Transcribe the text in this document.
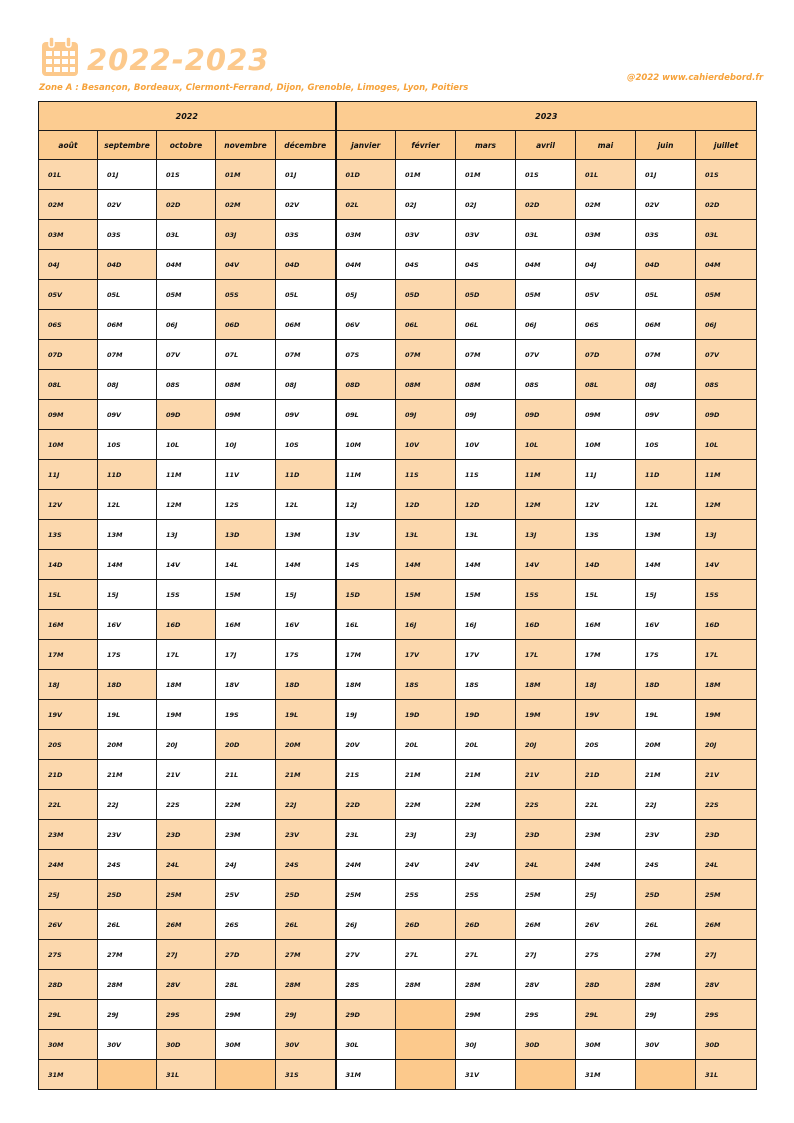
2022-2023
Zone A : Besançon, Bordeaux, Clermont-Ferrand, Dijon, Grenoble, Limoges, Lyon, Poitiers
@2022 www.cahierdebord.fr
2022					2023						
août	septembre	octobre	novembre	décembre	janvier	février	mars	avril	mai	juin	juillet
01L	01J	01S	01M	01J	01D	01M	01M	01S	01L	01J	01S
02M	02V	02D	02M	02V	02L	02J	02J	02D	02M	02V	02D
03M	03S	03L	03J	03S	03M	03V	03V	03L	03M	03S	03L
04J	04D	04M	04V	04D	04M	04S	04S	04M	04J	04D	04M
05V	05L	05M	05S	05L	05J	05D	05D	05M	05V	05L	05M
06S	06M	06J	06D	06M	06V	06L	06L	06J	06S	06M	06J
07D	07M	07V	07L	07M	07S	07M	07M	07V	07D	07M	07V
08L	08J	08S	08M	08J	08D	08M	08M	08S	08L	08J	08S
09M	09V	09D	09M	09V	09L	09J	09J	09D	09M	09V	09D
10M	10S	10L	10J	10S	10M	10V	10V	10L	10M	10S	10L
11J	11D	11M	11V	11D	11M	11S	11S	11M	11J	11D	11M
12V	12L	12M	12S	12L	12J	12D	12D	12M	12V	12L	12M
13S	13M	13J	13D	13M	13V	13L	13L	13J	13S	13M	13J
14D	14M	14V	14L	14M	14S	14M	14M	14V	14D	14M	14V
15L	15J	15S	15M	15J	15D	15M	15M	15S	15L	15J	15S
16M	16V	16D	16M	16V	16L	16J	16J	16D	16M	16V	16D
17M	17S	17L	17J	17S	17M	17V	17V	17L	17M	17S	17L
18J	18D	18M	18V	18D	18M	18S	18S	18M	18J	18D	18M
19V	19L	19M	19S	19L	19J	19D	19D	19M	19V	19L	19M
20S	20M	20J	20D	20M	20V	20L	20L	20J	20S	20M	20J
21D	21M	21V	21L	21M	21S	21M	21M	21V	21D	21M	21V
22L	22J	22S	22M	22J	22D	22M	22M	22S	22L	22J	22S
23M	23V	23D	23M	23V	23L	23J	23J	23D	23M	23V	23D
24M	24S	24L	24J	24S	24M	24V	24V	24L	24M	24S	24L
25J	25D	25M	25V	25D	25M	25S	25S	25M	25J	25D	25M
26V	26L	26M	26S	26L	26J	26D	26D	26M	26V	26L	26M
27S	27M	27J	27D	27M	27V	27L	27L	27J	27S	27M	27J
28D	28M	28V	28L	28M	28S	28M	28M	28V	28D	28M	28V
29L	29J	29S	29M	29J	29D		29M	29S	29L	29J	29S
30M	30V	30D	30M	30V	30L		30J	30D	30M	30V	30D
31M		31L		31S	31M		31V		31M		31L
